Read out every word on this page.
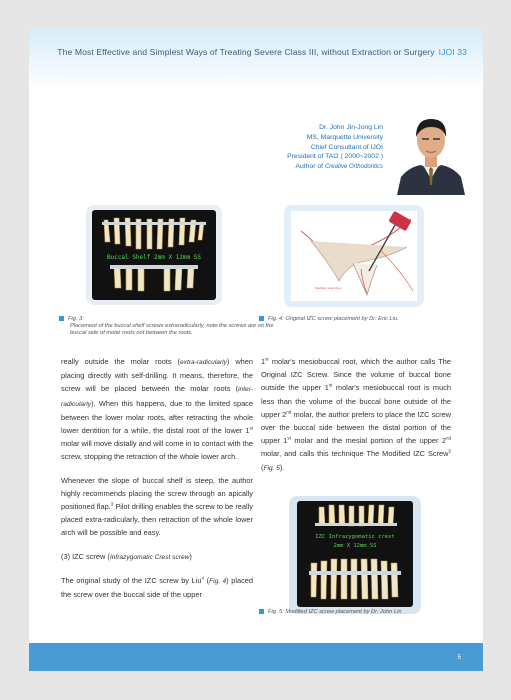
The Most Effective and Simplest Ways of Treating Severe Class III, without Extraction or Surgery IJOI 33
Dr. John Jin-Jong Lin
MS, Marquette University
Chief Consultant of IJOI
President of TAO ( 2000~2002 )
Author of Creative Orthodontics
Buccal Shelf 2mm X 12mm SS
Maxillary sinus floor
Fig. 3:
Placement of the buccal shelf screws extraradicularly, note the screws are on the buccal side of molar roots not between the roots.
Fig. 4: Original IZC screw placement by Dr. Eric Liu.

really outside the molar roots (extra-radicularly) when placing directly with self-drilling. It means, therefore, the screw will be placed between the molar roots (inter-radicularly). When this happens, due to the limited space between the lower molar roots, after retracting the whole lower dentition for a while, the distal root of the lower 1st molar will move distally and will come in to contact with the screw, stopping the retraction of the whole lower arch.

Whenever the slope of buccal shelf is steep, the author highly recommends placing the screw through an apically positioned flap.$^3$ Pilot drilling enables the screw to be really placed extra-radicularly, then retraction of the whole lower arch will be possible and easy.

(3) IZC screw (Infrazygomatic Crest screw)

The original study of the IZC screw by Liu$^4$ (Fig. 4) placed the screw over the buccal side of the upper

1st molar's mesiobuccal root, which the author calls The Original IZC Screw. Since the volume of buccal bone outside the upper 1st molar's mesiobuccal root is much less than the volume of the buccal bone outside of the upper 2nd molar, the author prefers to place the IZC screw over the buccal side between the distal portion of the upper 1st molar and the mesial portion of the upper 2nd molar, and calls this technique The Modified IZC Screw$^5$ (Fig. 5).

IZC Infrazygomatic crest
2mm X 12mm SS
Fig. 5: Modified IZC screw placement by Dr. John Lin
5
